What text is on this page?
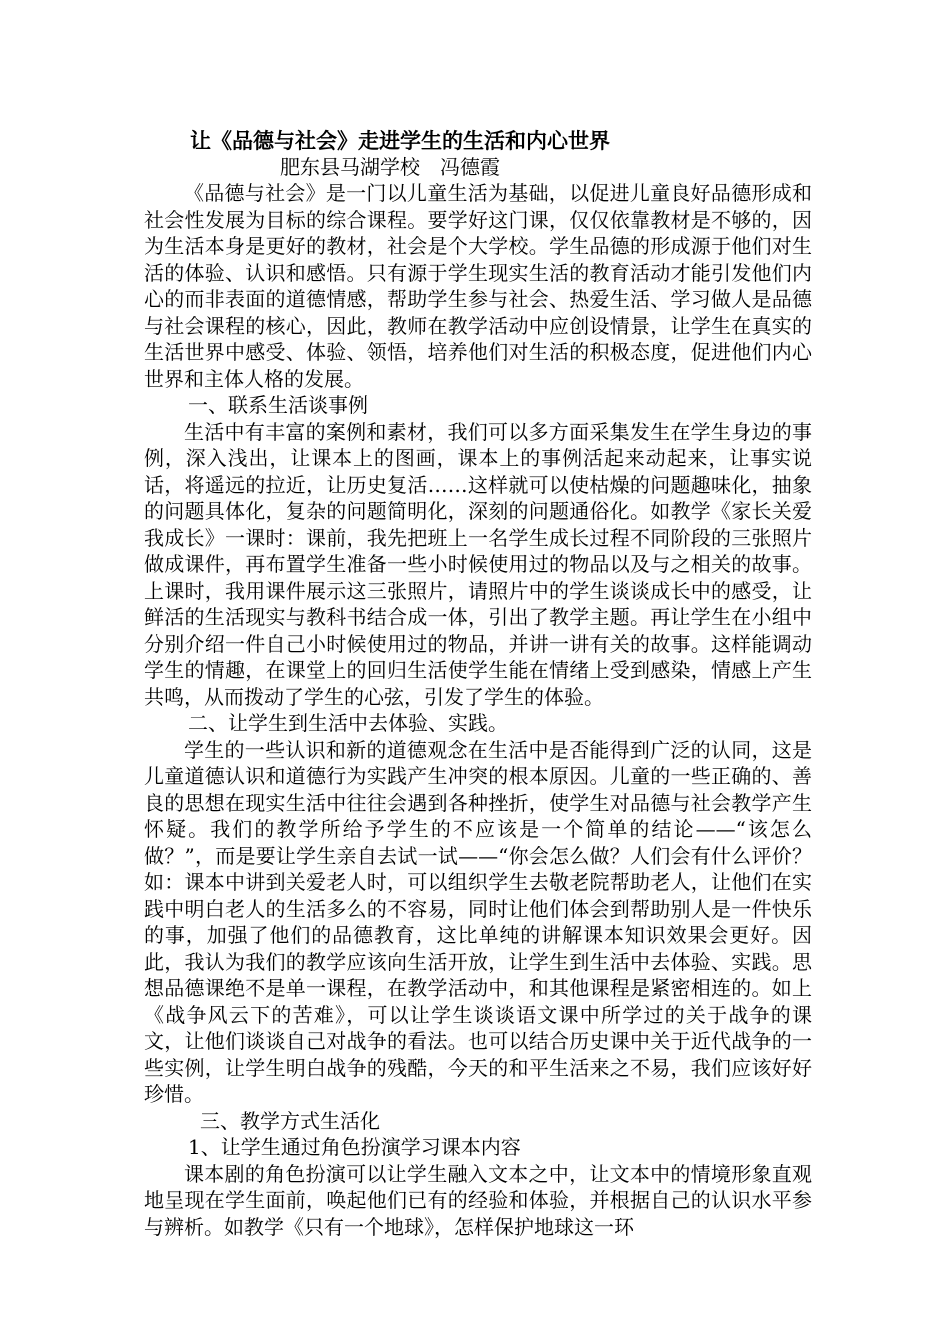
让《品德与社会》走进学生的生活和内心世界
肥东县马湖学校　冯德霞

《品德与社会》是一门以儿童生活为基础，以促进儿童良好品德形成和社会性发展为目标的综合课程。要学好这门课，仅仅依靠教材是不够的，因为生活本身是更好的教材，社会是个大学校。学生品德的形成源于他们对生活的体验、认识和感悟。只有源于学生现实生活的教育活动才能引发他们内心的而非表面的道德情感，帮助学生参与社会、热爱生活、学习做人是品德与社会课程的核心，因此，教师在教学活动中应创设情景，让学生在真实的生活世界中感受、体验、领悟，培养他们对生活的积极态度，促进他们内心世界和主体人格的发展。

一、联系生活谈事例

生活中有丰富的案例和素材，我们可以多方面采集发生在学生身边的事例，深入浅出，让课本上的图画，课本上的事例活起来动起来，让事实说话，将遥远的拉近，让历史复活……这样就可以使枯燥的问题趣味化，抽象的问题具体化，复杂的问题简明化，深刻的问题通俗化。如教学《家长关爱我成长》一课时：课前，我先把班上一名学生成长过程不同阶段的三张照片做成课件，再布置学生准备一些小时候使用过的物品以及与之相关的故事。上课时，我用课件展示这三张照片，请照片中的学生谈谈成长中的感受，让鲜活的生活现实与教科书结合成一体，引出了教学主题。再让学生在小组中分别介绍一件自己小时候使用过的物品，并讲一讲有关的故事。这样能调动学生的情趣，在课堂上的回归生活使学生能在情绪上受到感染，情感上产生共鸣，从而拨动了学生的心弦，引发了学生的体验。

二、让学生到生活中去体验、实践。

学生的一些认识和新的道德观念在生活中是否能得到广泛的认同，这是儿童道德认识和道德行为实践产生冲突的根本原因。儿童的一些正确的、善良的思想在现实生活中往往会遇到各种挫折，使学生对品德与社会教学产生怀疑。我们的教学所给予学生的不应该是一个简单的结论——“该怎么做？”，而是要让学生亲自去试一试——“你会怎么做？人们会有什么评价？如：课本中讲到关爱老人时，可以组织学生去敬老院帮助老人，让他们在实践中明白老人的生活多么的不容易，同时让他们体会到帮助别人是一件快乐的事，加强了他们的品德教育，这比单纯的讲解课本知识效果会更好。因此，我认为我们的教学应该向生活开放，让学生到生活中去体验、实践。思想品德课绝不是单一课程，在教学活动中，和其他课程是紧密相连的。如上《战争风云下的苦难》，可以让学生谈谈语文课中所学过的关于战争的课文，让他们谈谈自己对战争的看法。也可以结合历史课中关于近代战争的一些实例，让学生明白战争的残酷，今天的和平生活来之不易，我们应该好好珍惜。

三、教学方式生活化
1、让学生通过角色扮演学习课本内容

课本剧的角色扮演可以让学生融入文本之中，让文本中的情境形象直观地呈现在学生面前，唤起他们已有的经验和体验，并根据自己的认识水平参与辨析。如教学《只有一个地球》，怎样保护地球这一环
